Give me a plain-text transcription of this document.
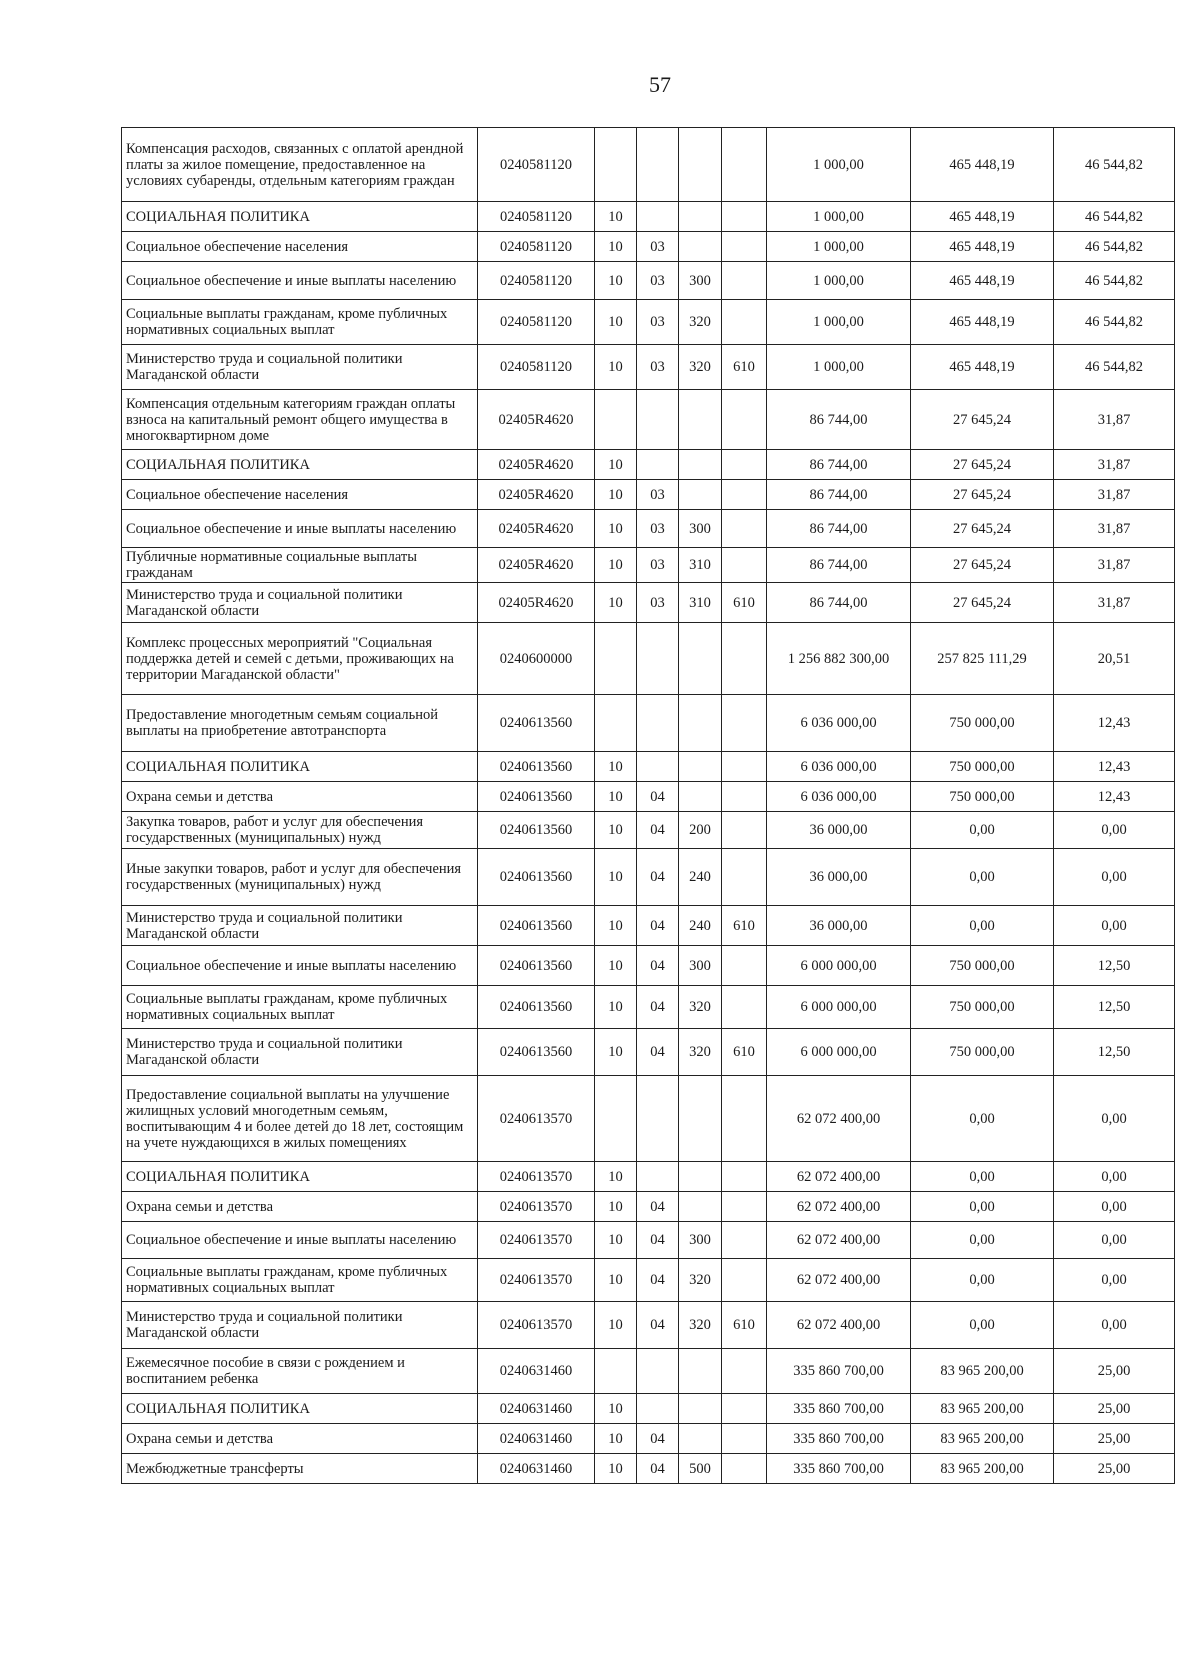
57
Компенсация расходов, связанных с оплатой арендной платы за жилое помещение, предоставленное на условиях субаренды, отдельным категориям граждан	0240581120					1 000,00	465 448,19	46 544,82
СОЦИАЛЬНАЯ ПОЛИТИКА	0240581120	10				1 000,00	465 448,19	46 544,82
Социальное обеспечение населения	0240581120	10	03			1 000,00	465 448,19	46 544,82
Социальное обеспечение и иные выплаты населению	0240581120	10	03	300		1 000,00	465 448,19	46 544,82
Социальные выплаты гражданам, кроме публичных нормативных социальных выплат	0240581120	10	03	320		1 000,00	465 448,19	46 544,82
Министерство труда и социальной политики Магаданской области	0240581120	10	03	320	610	1 000,00	465 448,19	46 544,82
Компенсация отдельным категориям граждан оплаты взноса на капитальный ремонт общего имущества в многоквартирном доме	02405R4620					86 744,00	27 645,24	31,87
СОЦИАЛЬНАЯ ПОЛИТИКА	02405R4620	10				86 744,00	27 645,24	31,87
Социальное обеспечение населения	02405R4620	10	03			86 744,00	27 645,24	31,87
Социальное обеспечение и иные выплаты населению	02405R4620	10	03	300		86 744,00	27 645,24	31,87
Публичные нормативные социальные выплаты гражданам	02405R4620	10	03	310		86 744,00	27 645,24	31,87
Министерство труда и социальной политики Магаданской области	02405R4620	10	03	310	610	86 744,00	27 645,24	31,87
Комплекс процессных мероприятий "Социальная поддержка детей и семей с детьми, проживающих на территории Магаданской области"	0240600000					1 256 882 300,00	257 825 111,29	20,51
Предоставление многодетным семьям социальной выплаты на приобретение автотранспорта	0240613560					6 036 000,00	750 000,00	12,43
СОЦИАЛЬНАЯ ПОЛИТИКА	0240613560	10				6 036 000,00	750 000,00	12,43
Охрана семьи и детства	0240613560	10	04			6 036 000,00	750 000,00	12,43
Закупка товаров, работ и услуг для обеспечения государственных (муниципальных) нужд	0240613560	10	04	200		36 000,00	0,00	0,00
Иные закупки товаров, работ и услуг для обеспечения государственных (муниципальных) нужд	0240613560	10	04	240		36 000,00	0,00	0,00
Министерство труда и социальной политики Магаданской области	0240613560	10	04	240	610	36 000,00	0,00	0,00
Социальное обеспечение и иные выплаты населению	0240613560	10	04	300		6 000 000,00	750 000,00	12,50
Социальные выплаты гражданам, кроме публичных нормативных социальных выплат	0240613560	10	04	320		6 000 000,00	750 000,00	12,50
Министерство труда и социальной политики Магаданской области	0240613560	10	04	320	610	6 000 000,00	750 000,00	12,50
Предоставление социальной выплаты на улучшение жилищных условий многодетным семьям, воспитывающим 4 и более детей до 18 лет, состоящим на учете нуждающихся в жилых помещениях	0240613570					62 072 400,00	0,00	0,00
СОЦИАЛЬНАЯ ПОЛИТИКА	0240613570	10				62 072 400,00	0,00	0,00
Охрана семьи и детства	0240613570	10	04			62 072 400,00	0,00	0,00
Социальное обеспечение и иные выплаты населению	0240613570	10	04	300		62 072 400,00	0,00	0,00
Социальные выплаты гражданам, кроме публичных нормативных социальных выплат	0240613570	10	04	320		62 072 400,00	0,00	0,00
Министерство труда и социальной политики Магаданской области	0240613570	10	04	320	610	62 072 400,00	0,00	0,00
Ежемесячное пособие в связи с рождением и воспитанием ребенка	0240631460					335 860 700,00	83 965 200,00	25,00
СОЦИАЛЬНАЯ ПОЛИТИКА	0240631460	10				335 860 700,00	83 965 200,00	25,00
Охрана семьи и детства	0240631460	10	04			335 860 700,00	83 965 200,00	25,00
Межбюджетные трансферты	0240631460	10	04	500		335 860 700,00	83 965 200,00	25,00
